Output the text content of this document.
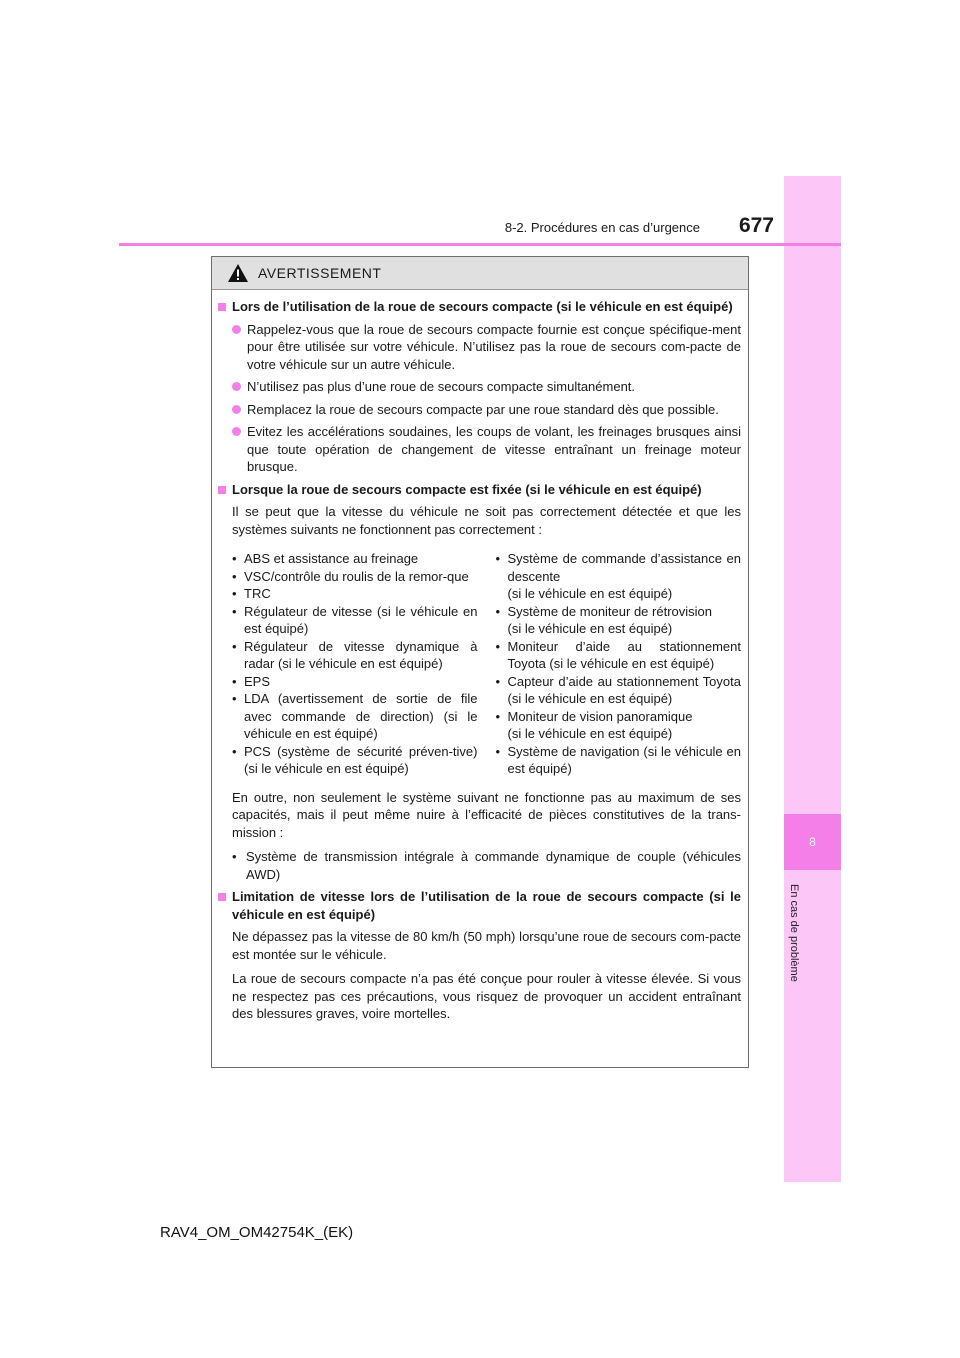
8
En cas de problème
8-2. Procédures en cas d’urgence	677
AVERTISSEMENT
Lors de l’utilisation de la roue de secours compacte (si le véhicule en est équipé)
Rappelez-vous que la roue de secours compacte fournie est conçue spécifique-ment pour être utilisée sur votre véhicule. N’utilisez pas la roue de secours com-pacte de votre véhicule sur un autre véhicule.
N’utilisez pas plus d’une roue de secours compacte simultanément.
Remplacez la roue de secours compacte par une roue standard dès que possible.
Evitez les accélérations soudaines, les coups de volant, les freinages brusques ainsi que toute opération de changement de vitesse entraînant un freinage moteur brusque.
Lorsque la roue de secours compacte est fixée (si le véhicule en est équipé)
Il se peut que la vitesse du véhicule ne soit pas correctement détectée et que les systèmes suivants ne fonctionnent pas correctement :
• ABS et assistance au freinage
• VSC/contrôle du roulis de la remor-que
• TRC
• Régulateur de vitesse (si le véhicule en est équipé)
• Régulateur de vitesse dynamique à radar (si le véhicule en est équipé)
• EPS
• LDA (avertissement de sortie de file avec commande de direction) (si le véhicule en est équipé)
• PCS (système de sécurité préven-tive) (si le véhicule en est équipé)
• Système de commande d’assistance en descente
(si le véhicule en est équipé)
• Système de moniteur de rétrovision
(si le véhicule en est équipé)
• Moniteur d’aide au stationnement Toyota (si le véhicule en est équipé)
• Capteur d’aide au stationnement Toyota (si le véhicule en est équipé)
• Moniteur de vision panoramique
(si le véhicule en est équipé)
• Système de navigation (si le véhicule en est équipé)
En outre, non seulement le système suivant ne fonctionne pas au maximum de ses capacités, mais il peut même nuire à l’efficacité de pièces constitutives de la trans-mission :
• Système de transmission intégrale à commande dynamique de couple (véhicules AWD)
Limitation de vitesse lors de l’utilisation de la roue de secours compacte (si le véhicule en est équipé)
Ne dépassez pas la vitesse de 80 km/h (50 mph) lorsqu’une roue de secours com-pacte est montée sur le véhicule.
La roue de secours compacte n’a pas été conçue pour rouler à vitesse élevée. Si vous ne respectez pas ces précautions, vous risquez de provoquer un accident entraînant des blessures graves, voire mortelles.
RAV4_OM_OM42754K_(EK)
